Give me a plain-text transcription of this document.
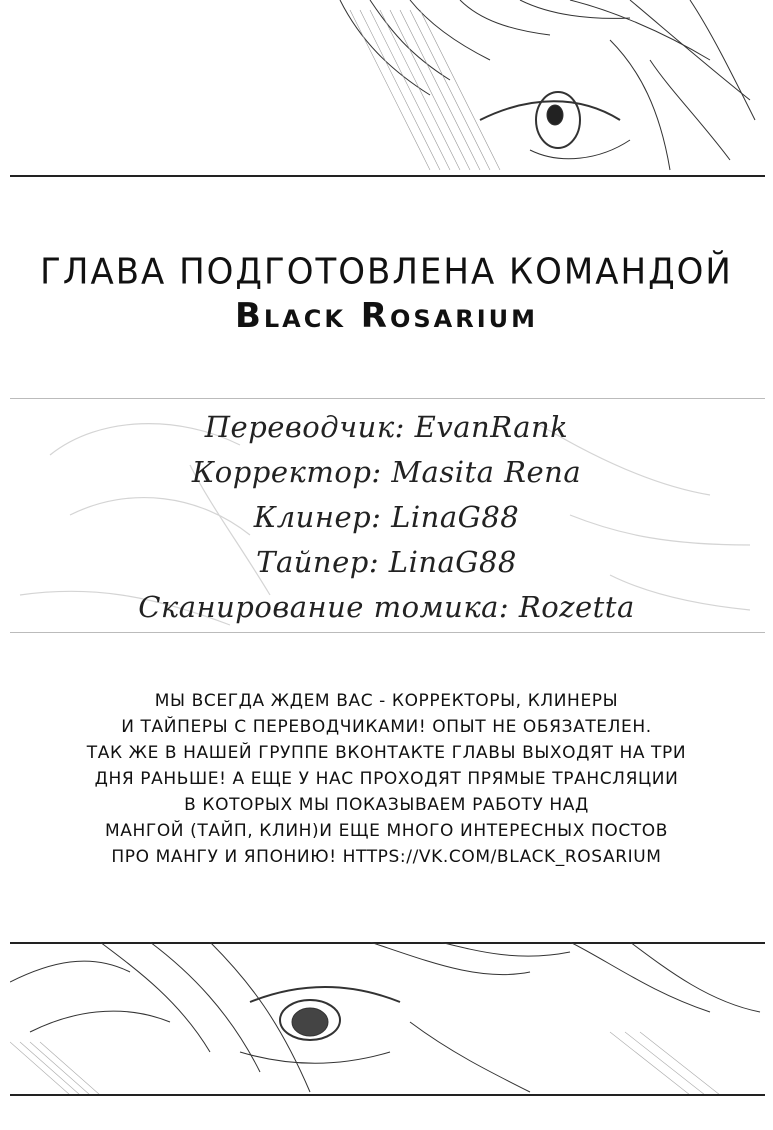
ГЛАВА ПОДГОТОВЛЕНА КОМАНДОЙ
Black Rosarium
Переводчик: EvanRank
Корректор: Masita Rena
Клинер: LinaG88
Тайпер: LinaG88
Сканирование томика: Rozetta
МЫ ВСЕГДА ЖДЕМ ВАС - КОРРЕКТОРЫ, КЛИНЕРЫ
И ТАЙПЕРЫ С ПЕРЕВОДЧИКАМИ! ОПЫТ НЕ ОБЯЗАТЕЛЕН.
ТАК ЖЕ В НАШЕЙ ГРУППЕ ВКОНТАКТЕ ГЛАВЫ ВЫХОДЯТ НА ТРИ
ДНЯ РАНЬШЕ! А ЕЩЕ У НАС ПРОХОДЯТ ПРЯМЫЕ ТРАНСЛЯЦИИ
В КОТОРЫХ МЫ ПОКАЗЫВАЕМ РАБОТУ НАД
МАНГОЙ (ТАЙП, КЛИН)И ЕЩЕ МНОГО ИНТЕРЕСНЫХ ПОСТОВ
ПРО МАНГУ И ЯПОНИЮ! HTTPS://VK.COM/BLACK_ROSARIUM
